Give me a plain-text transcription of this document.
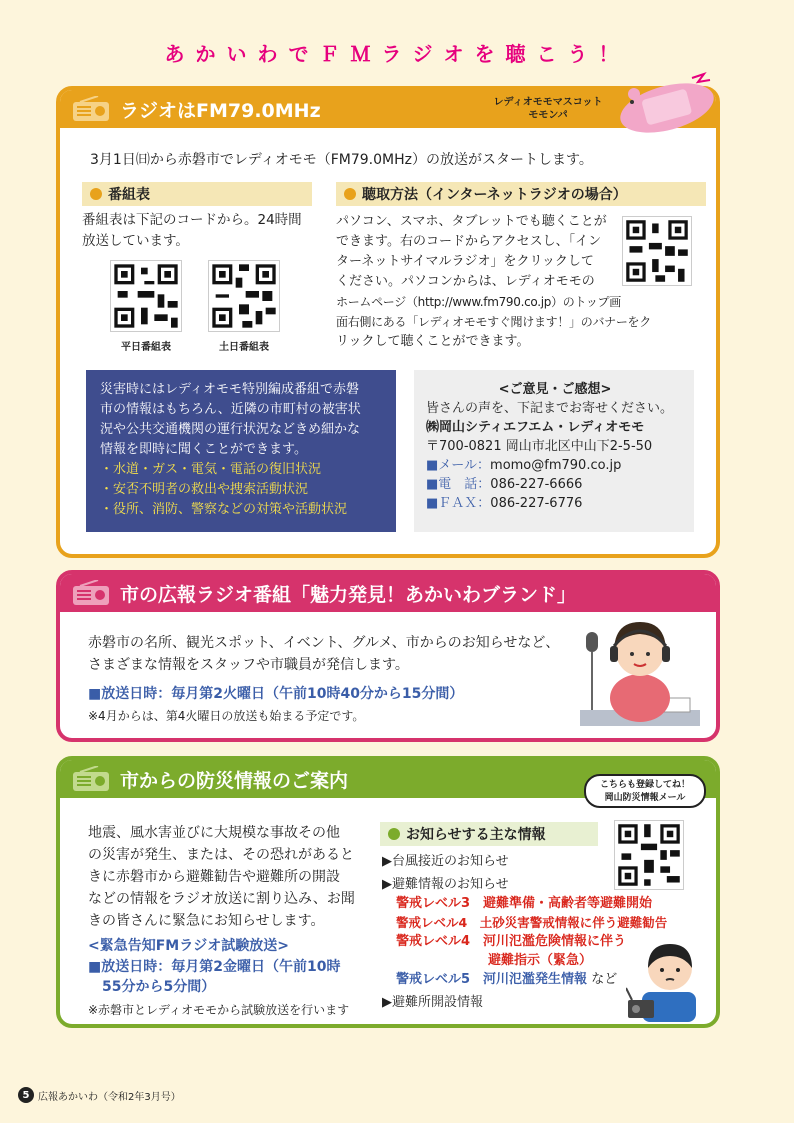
あかいわでＦＭラジオを聴こう！
ラジオはFM79.0MHz	レディオモモマスコット
モモンパ
3月1日㈰から赤磐市でレディオモモ（FM79.0MHz）の放送がスタートします。
番組表
番組表は下記のコードから。24時間
放送しています。
平日番組表	土日番組表
聴取方法（インターネットラジオの場合）
パソコン、スマホ、タブレットでも聴くことが
できます。右のコードからアクセスし、「イン
ターネットサイマルラジオ」をクリックして
ください。パソコンからは、レディオモモの
ホームページ（http://www.fm790.co.jp）のトップ画
面右側にある「レディオモモすぐ聞けます！」のバナーをク
リックして聴くことができます。
災害時にはレディオモモ特別編成番組で赤磐
市の情報はもちろん、近隣の市町村の被害状
況や公共交通機関の運行状況などきめ細かな
情報を即時に聞くことができます。
・水道・ガス・電気・電話の復旧状況
・安否不明者の救出や捜索活動状況
・役所、消防、警察などの対策や活動状況
<ご意見・ご感想>
皆さんの声を、下記までお寄せください。
㈱岡山シティエフエム・レディオモモ
〒700-0821 岡山市北区中山下2-5-50
■メール：momo@fm790.co.jp
■電　話：086-227-6666
■ＦＡＸ：086-227-6776
市の広報ラジオ番組「魅力発見！あかいわブランド」
赤磐市の名所、観光スポット、イベント、グルメ、市からのお知らせなど、
さまざまな情報をスタッフや市職員が発信します。
■放送日時：毎月第2火曜日（午前10時40分から15分間）
※4月からは、第4火曜日の放送も始まる予定です。
市からの防災情報のご案内	こちらも登録してね！
岡山防災情報メール
地震、風水害並びに大規模な事故その他
の災害が発生、または、その恐れがあると
きに赤磐市から避難勧告や避難所の開設
などの情報をラジオ放送に割り込み、お聞
きの皆さんに緊急にお知らせします。
<緊急告知FMラジオ試験放送>
■放送日時：毎月第2金曜日（午前10時
55分から5分間）
※赤磐市とレディオモモから試験放送を行います
お知らせする主な情報
▶台風接近のお知らせ
▶避難情報のお知らせ
警戒レベル3　避難準備・高齢者等避難開始
警戒レベル4　土砂災害警戒情報に伴う避難勧告
警戒レベル4　河川氾濫危険情報に伴う
避難指示（緊急）
警戒レベル5　河川氾濫発生情報 など
▶避難所開設情報
5 広報あかいわ（令和2年3月号）
